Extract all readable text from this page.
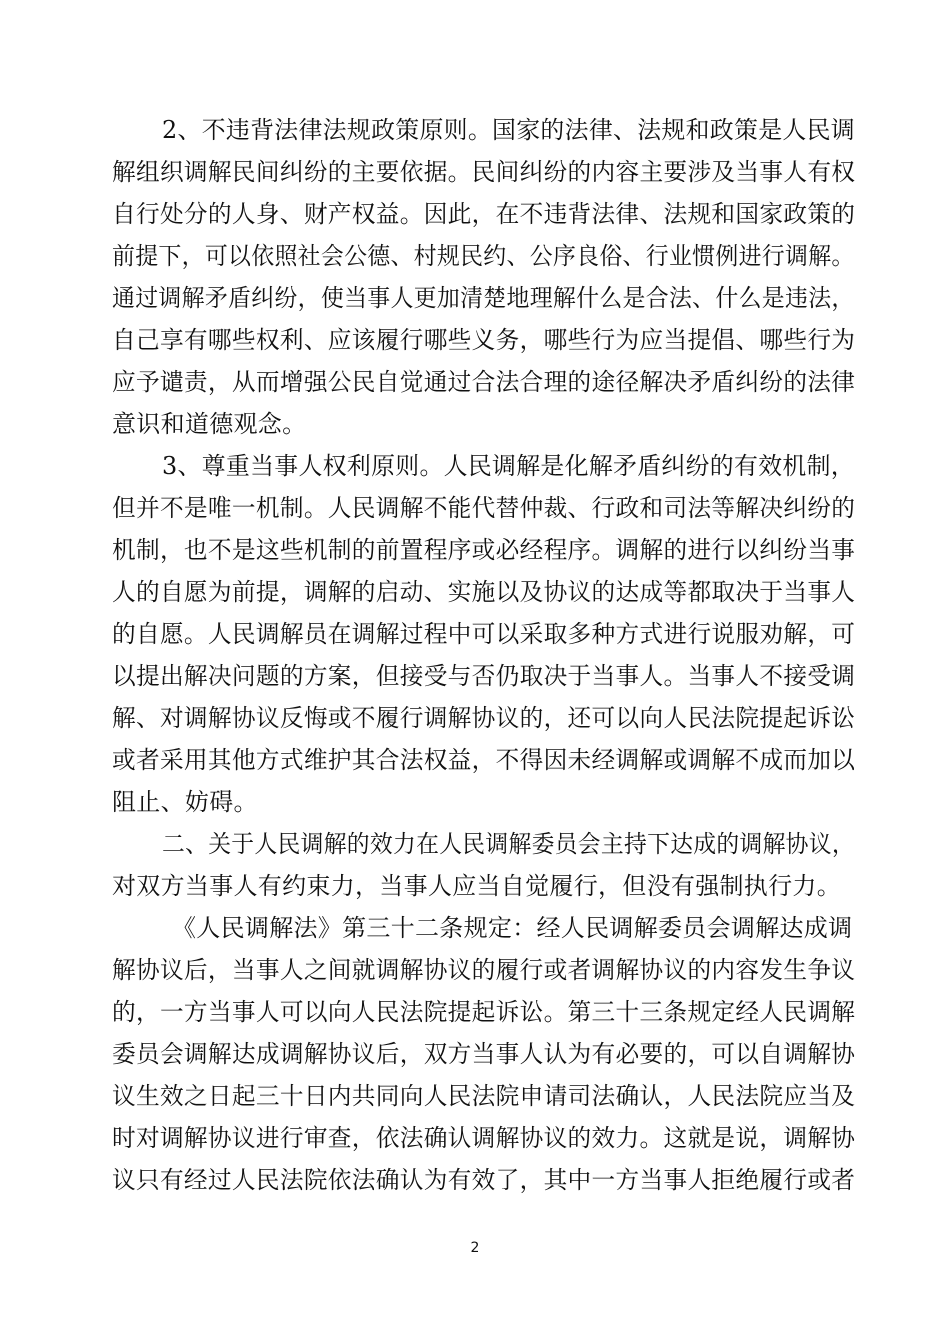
2、不违背法律法规政策原则。国家的法律、法规和政策是人民调
解组织调解民间纠纷的主要依据。民间纠纷的内容主要涉及当事人有权
自行处分的人身、财产权益。因此，在不违背法律、法规和国家政策的
前提下，可以依照社会公德、村规民约、公序良俗、行业惯例进行调解。
通过调解矛盾纠纷，使当事人更加清楚地理解什么是合法、什么是违法，
自己享有哪些权利、应该履行哪些义务，哪些行为应当提倡、哪些行为
应予谴责，从而增强公民自觉通过合法合理的途径解决矛盾纠纷的法律
意识和道德观念。
3、尊重当事人权利原则。人民调解是化解矛盾纠纷的有效机制，
但并不是唯一机制。人民调解不能代替仲裁、行政和司法等解决纠纷的
机制，也不是这些机制的前置程序或必经程序。调解的进行以纠纷当事
人的自愿为前提，调解的启动、实施以及协议的达成等都取决于当事人
的自愿。人民调解员在调解过程中可以采取多种方式进行说服劝解，可
以提出解决问题的方案，但接受与否仍取决于当事人。当事人不接受调
解、对调解协议反悔或不履行调解协议的，还可以向人民法院提起诉讼
或者采用其他方式维护其合法权益，不得因未经调解或调解不成而加以
阻止、妨碍。
二、关于人民调解的效力在人民调解委员会主持下达成的调解协议，
对双方当事人有约束力，当事人应当自觉履行，但没有强制执行力。
《人民调解法》第三十二条规定：经人民调解委员会调解达成调
解协议后，当事人之间就调解协议的履行或者调解协议的内容发生争议
的，一方当事人可以向人民法院提起诉讼。第三十三条规定经人民调解
委员会调解达成调解协议后，双方当事人认为有必要的，可以自调解协
议生效之日起三十日内共同向人民法院申请司法确认，人民法院应当及
时对调解协议进行审查，依法确认调解协议的效力。这就是说，调解协
议只有经过人民法院依法确认为有效了，其中一方当事人拒绝履行或者
2
